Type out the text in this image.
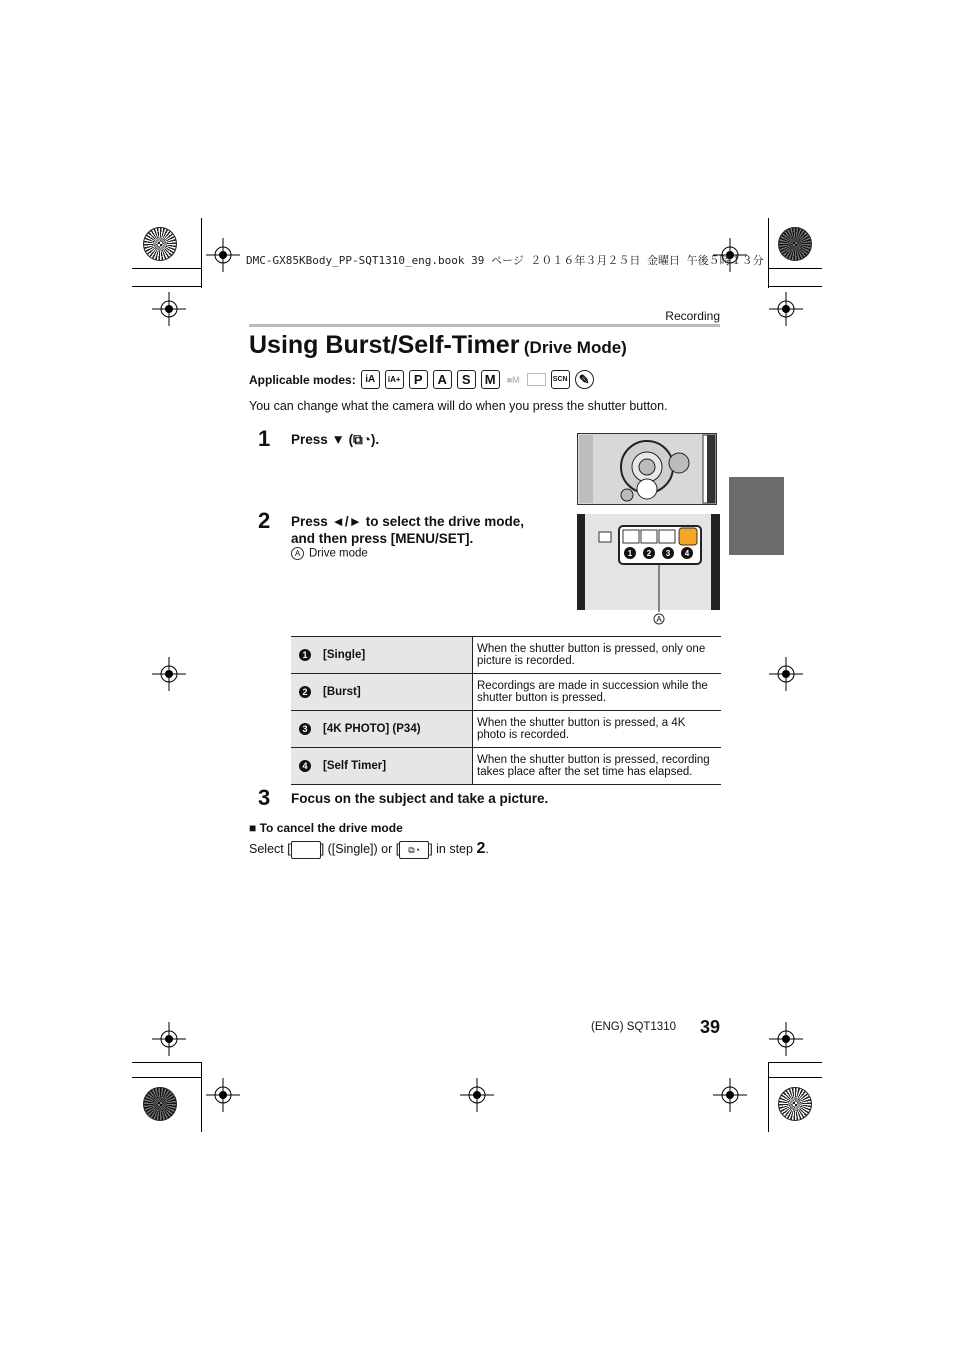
DMC-GX85KBody_PP-SQT1310_eng.book 39 ページ ２０１６年３月２５日 金曜日 午後５時１３分
Recording
Using Burst/Self-Timer (Drive Mode)
Applicable modes: iA	iA+	P	A	S	M	■M	SCN ✎
You can change what the camera will do when you press the shutter button.
1 Press ▼ (⧉◔).
2 Press ◄/► to select the drive mode,
and then press [MENU/SET].
A Drive mode	1 2 3 4
A
1 [Single]	When the shutter button is pressed, only one
picture is recorded.

2 [Burst]	Recordings are made in succession while the
shutter button is pressed.

3 [4K PHOTO] (P34)	When the shutter button is pressed, a 4K
photo is recorded.

4 [Self Timer]	When the shutter button is pressed, recording
takes place after the set time has elapsed.
3 Focus on the subject and take a picture.
■ To cancel the drive mode
Select [ ] ([Single]) or [ ⧉◔ ] in step 2.
(ENG) SQT1310 39
